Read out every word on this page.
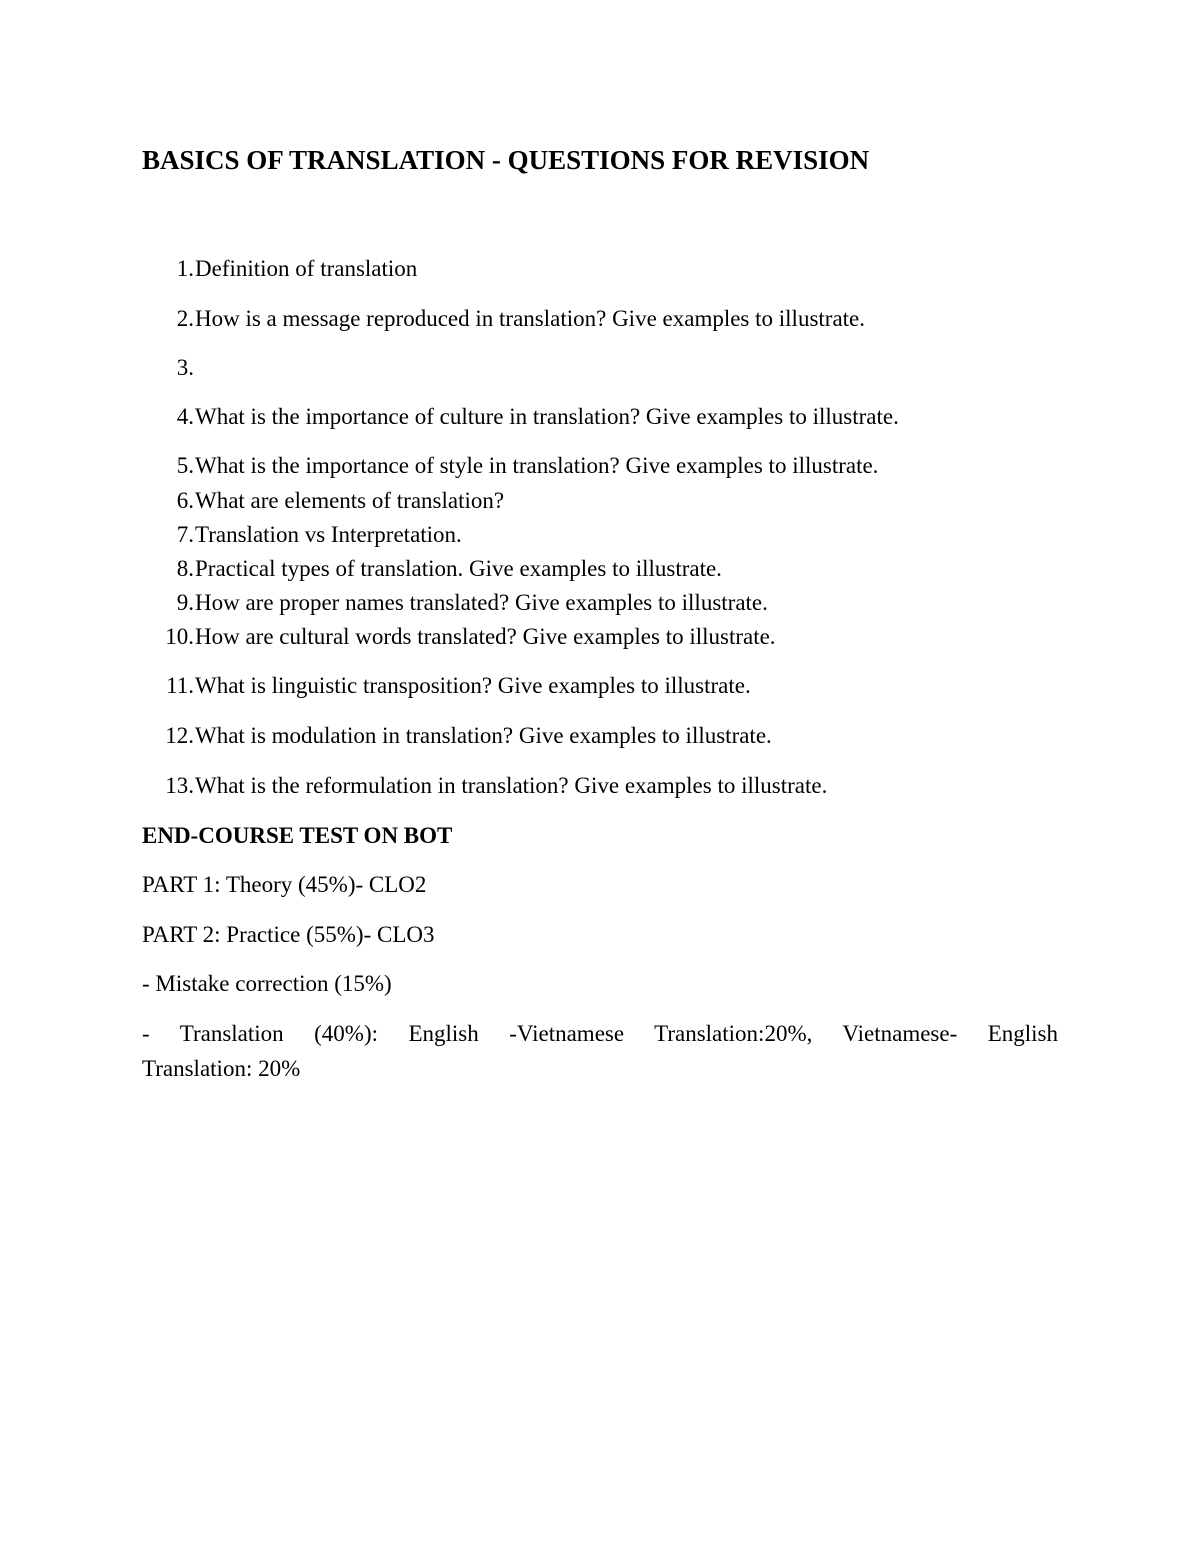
BASICS OF TRANSLATION - QUESTIONS FOR REVISION
1. Definition of translation
2. How is a message reproduced in translation? Give examples to illustrate.
3.
4. What is the importance of culture in translation? Give examples to illustrate.
5. What is the importance of style in translation? Give examples to illustrate.
6. What are elements of translation?
7. Translation vs Interpretation.
8. Practical types of translation. Give examples to illustrate.
9. How are proper names translated? Give examples to illustrate.
10. How are cultural words translated? Give examples to illustrate.
11. What is linguistic transposition? Give examples to illustrate.
12. What is modulation in translation? Give examples to illustrate.
13. What is the reformulation in translation? Give examples to illustrate.
END-COURSE TEST ON BOT
PART 1: Theory (45%)- CLO2
PART 2: Practice (55%)- CLO3
- Mistake correction (15%)
- Translation (40%): English -Vietnamese Translation:20%, Vietnamese- English
Translation: 20%
